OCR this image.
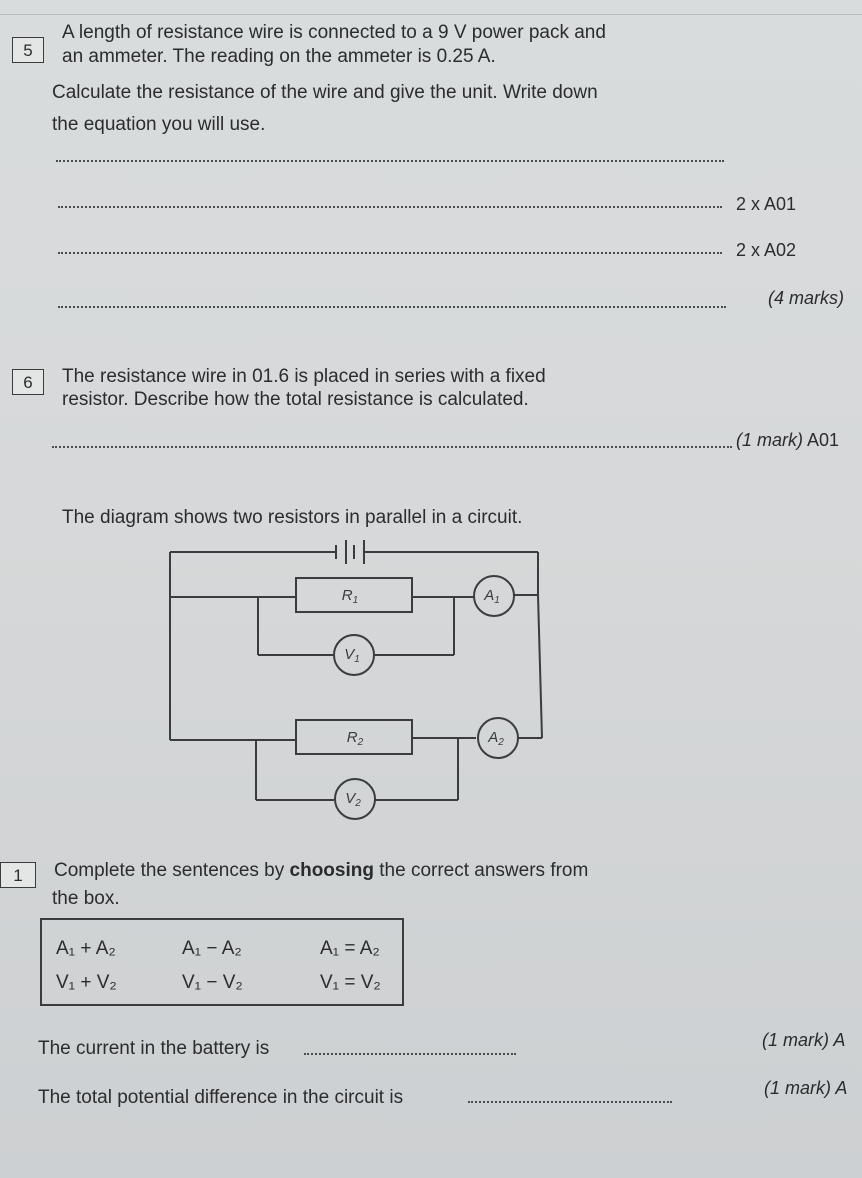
5
A length of resistance wire is connected to a 9 V power pack and
an ammeter. The reading on the ammeter is 0.25 A.
Calculate the resistance of the wire and give the unit. Write down
the equation you will use.
2 x A01
2 x A02
(4 marks)
6	The resistance wire in 01.6 is placed in series with a fixed
resistor. Describe how the total resistance is calculated.
(1 mark) A01
The diagram shows two resistors in parallel in a circuit.
$R_1$
$R_2$
$A_1$
$A_2$
$V_1$
$V_2$
1	Complete the sentences by choosing the correct answers from
the box.
A₁ + A₂	A₁ − A₂	A₁ = A₂
V₁ + V₂	V₁ − V₂	V₁ = V₂
The current in the battery is	(1 mark) A
The total potential difference in the circuit is	(1 mark) A
